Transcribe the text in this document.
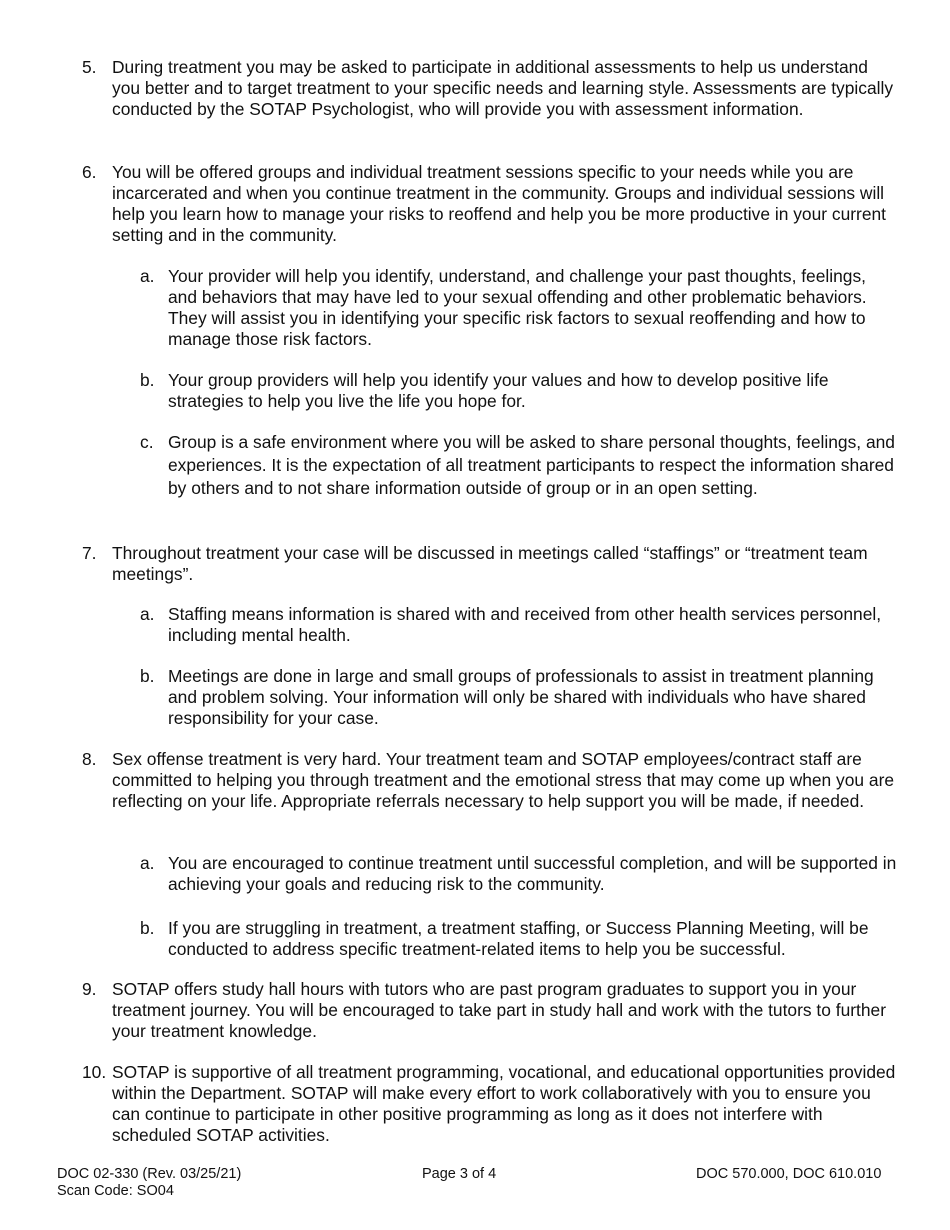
5. During treatment you may be asked to participate in additional assessments to help us understand you better and to target treatment to your specific needs and learning style. Assessments are typically conducted by the SOTAP Psychologist, who will provide you with assessment information.
6. You will be offered groups and individual treatment sessions specific to your needs while you are incarcerated and when you continue treatment in the community. Groups and individual sessions will help you learn how to manage your risks to reoffend and help you be more productive in your current setting and in the community.
a. Your provider will help you identify, understand, and challenge your past thoughts, feelings, and behaviors that may have led to your sexual offending and other problematic behaviors. They will assist you in identifying your specific risk factors to sexual reoffending and how to manage those risk factors.
b. Your group providers will help you identify your values and how to develop positive life strategies to help you live the life you hope for.
c. Group is a safe environment where you will be asked to share personal thoughts, feelings, and experiences. It is the expectation of all treatment participants to respect the information shared by others and to not share information outside of group or in an open setting.
7. Throughout treatment your case will be discussed in meetings called “staffings” or “treatment team meetings”.
a. Staffing means information is shared with and received from other health services personnel, including mental health.
b. Meetings are done in large and small groups of professionals to assist in treatment planning and problem solving. Your information will only be shared with individuals who have shared responsibility for your case.
8. Sex offense treatment is very hard. Your treatment team and SOTAP employees/contract staff are committed to helping you through treatment and the emotional stress that may come up when you are reflecting on your life. Appropriate referrals necessary to help support you will be made, if needed.
a. You are encouraged to continue treatment until successful completion, and will be supported in achieving your goals and reducing risk to the community.
b. If you are struggling in treatment, a treatment staffing, or Success Planning Meeting, will be conducted to address specific treatment-related items to help you be successful.
9. SOTAP offers study hall hours with tutors who are past program graduates to support you in your treatment journey. You will be encouraged to take part in study hall and work with the tutors to further your treatment knowledge.
10. SOTAP is supportive of all treatment programming, vocational, and educational opportunities provided within the Department. SOTAP will make every effort to work collaboratively with you to ensure you can continue to participate in other positive programming as long as it does not interfere with scheduled SOTAP activities.
DOC 02-330 (Rev. 03/25/21)
Scan Code: SO04
Page 3 of 4	DOC 570.000, DOC 610.010
